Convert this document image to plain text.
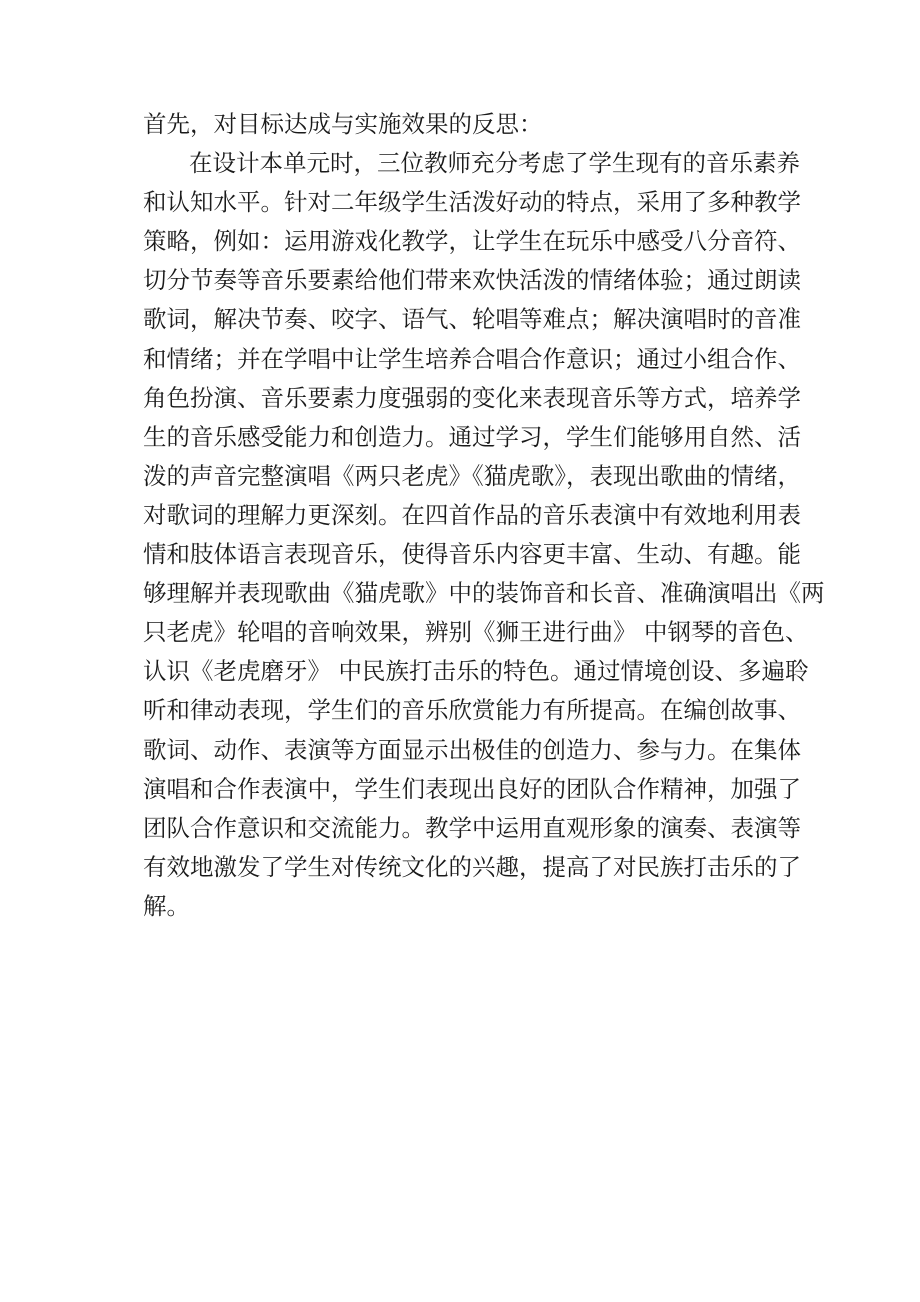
首先，对目标达成与实施效果的反思：
在设计本单元时，三位教师充分考虑了学生现有的音乐素养
和认知水平。针对二年级学生活泼好动的特点，采用了多种教学
策略，例如：运用游戏化教学，让学生在玩乐中感受八分音符、
切分节奏等音乐要素给他们带来欢快活泼的情绪体验；通过朗读
歌词，解决节奏、咬字、语气、轮唱等难点；解决演唱时的音准
和情绪；并在学唱中让学生培养合唱合作意识；通过小组合作、
角色扮演、音乐要素力度强弱的变化来表现音乐等方式，培养学
生的音乐感受能力和创造力。通过学习，学生们能够用自然、活
泼的声音完整演唱《两只老虎》《猫虎歌》，表现出歌曲的情绪，
对歌词的理解力更深刻。在四首作品的音乐表演中有效地利用表
情和肢体语言表现音乐，使得音乐内容更丰富、生动、有趣。能
够理解并表现歌曲《猫虎歌》中的装饰音和长音、准确演唱出《两
只老虎》轮唱的音响效果，辨别《狮王进行曲》 中钢琴的音色、
认识《老虎磨牙》 中民族打击乐的特色。通过情境创设、多遍聆
听和律动表现，学生们的音乐欣赏能力有所提高。在编创故事、
歌词、动作、表演等方面显示出极佳的创造力、参与力。在集体
演唱和合作表演中，学生们表现出良好的团队合作精神，加强了
团队合作意识和交流能力。教学中运用直观形象的演奏、表演等
有效地激发了学生对传统文化的兴趣，提高了对民族打击乐的了
解。
